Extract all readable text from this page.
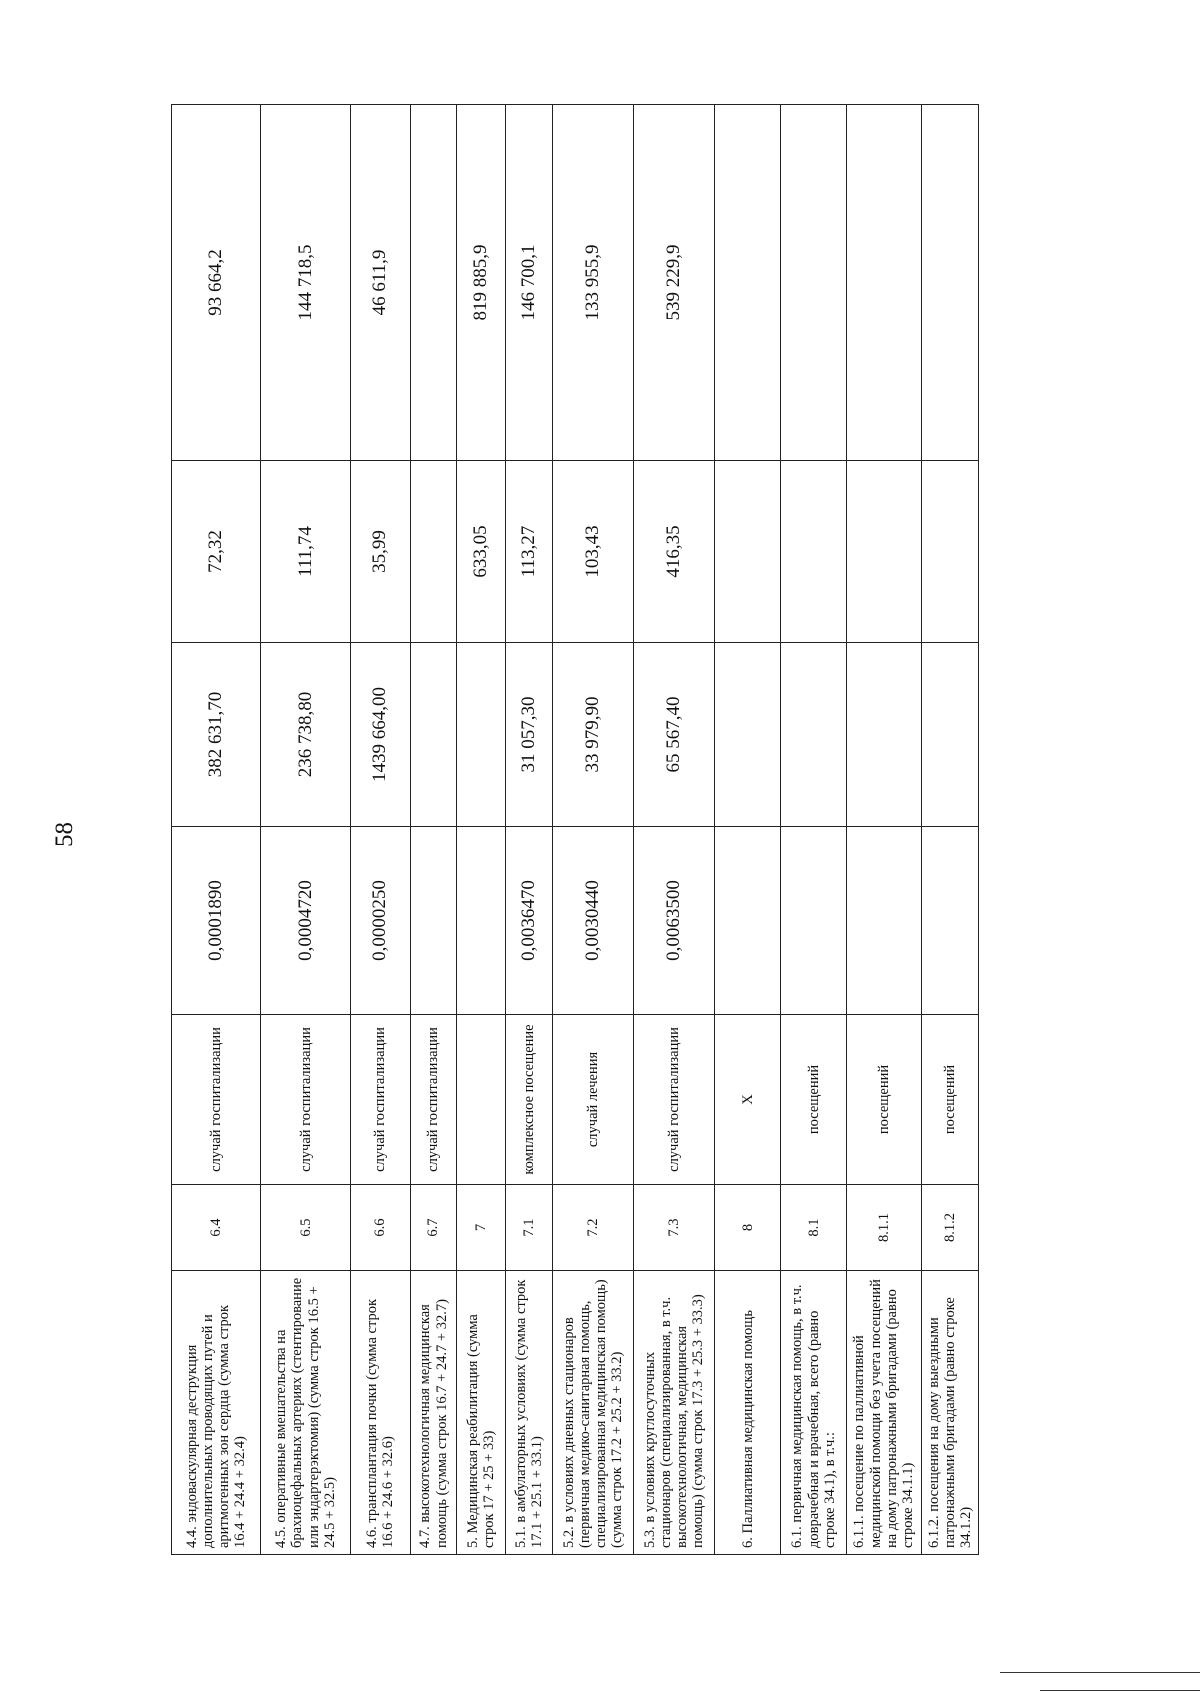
58
4.4. эндоваскулярная деструкция дополнительных проводящих путей и аритмогенных зон сердца (сумма строк 16.4 + 24.4 + 32.4)	6.4	случай госпитализации	0,0001890	382 631,70	72,32	93 664,2
4.5. оперативные вмешательства на брахиоцефальных артериях (стентирование или эндартерэктомия) (сумма строк 16.5 + 24.5 + 32.5)	6.5	случай госпитализации	0,0004720	236 738,80	111,74	144 718,5
4.6. трансплантация почки (сумма строк 16.6 + 24.6 + 32.6)	6.6	случай госпитализации	0,0000250	1439 664,00	35,99	46 611,9
4.7. высокотехнологичная медицинская помощь (сумма строк 16.7 + 24.7 + 32.7)	6.7	случай госпитализации				
5. Медицинская реабилитация (сумма строк 17 + 25 + 33)	7				633,05	819 885,9
5.1. в амбулаторных условиях (сумма строк 17.1 + 25.1 + 33.1)	7.1	комплексное посещение	0,0036470	31 057,30	113,27	146 700,1
5.2. в условиях дневных стационаров (первичная медико-санитарная помощь, специализированная медицинская помощь) (сумма строк 17.2 + 25.2 + 33.2)	7.2	случай лечения	0,0030440	33 979,90	103,43	133 955,9
5.3. в условиях круглосуточных стационаров (специализированная, в т.ч. высокотехнологичная, медицинская помощь) (сумма строк 17.3 + 25.3 + 33.3)	7.3	случай госпитализации	0,0063500	65 567,40	416,35	539 229,9
6. Паллиативная медицинская помощь	8	X				
6.1. первичная медицинская помощь, в т.ч. доврачебная и врачебная, всего (равно строке 34.1), в т.ч.:	8.1	посещений				
6.1.1. посещение по паллиативной медицинской помощи без учета посещений на дому патронажными бригадами (равно строке 34.1.1)	8.1.1	посещений				
6.1.2. посещения на дому выездными патронажными бригадами (равно строке 34.1.2)	8.1.2	посещений				
